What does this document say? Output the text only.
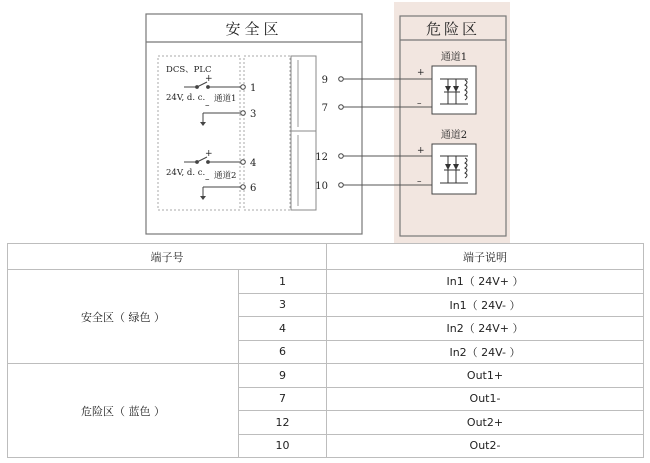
安全区	危险区
DCS、PLC
24V, d. c. 通道1
+
–
24V, d. c. 通道2
+
–
1
3
4
6
9
7
12
10
通道1
+
–
通道2
+
–
端子号		端子说明
安全区（ 绿色 ）	1	In1（ 24V+ ）
	3	In1（ 24V- ）
	4	In2（ 24V+ ）
	6	In2（ 24V- ）
危险区（ 蓝色 ）	9	Out1+
	7	Out1-
	12	Out2+
	10	Out2-
